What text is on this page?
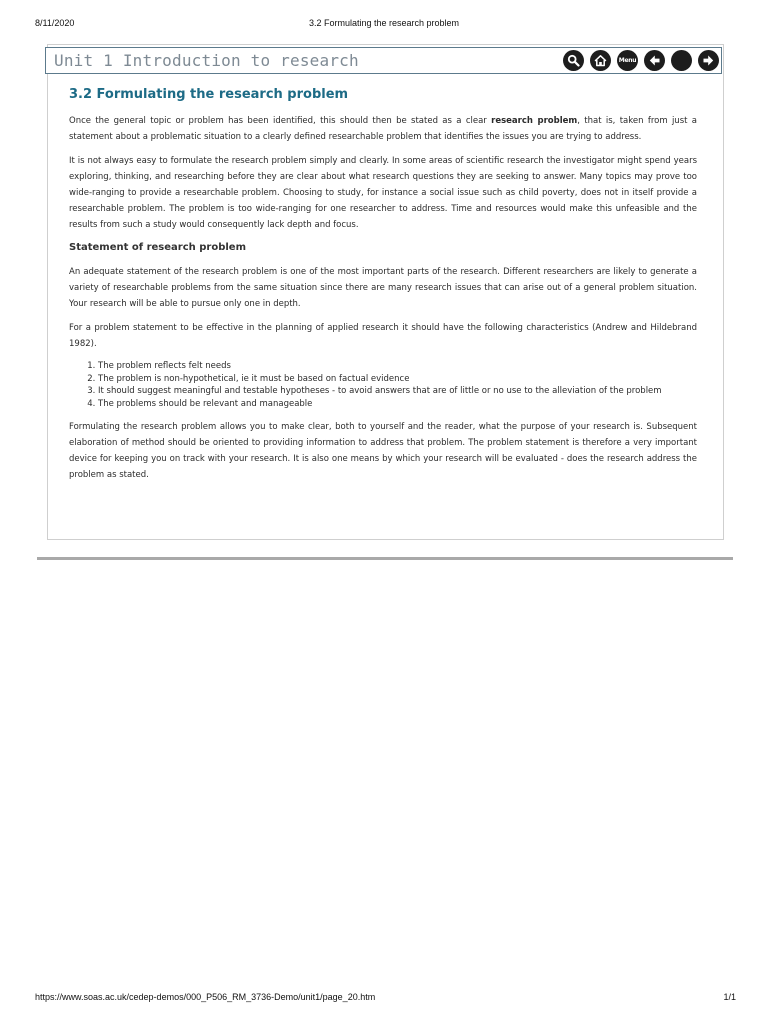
8/11/2020	3.2 Formulating the research problem
Unit 1 Introduction to research	Menu
3.2 Formulating the research problem

Once the general topic or problem has been identified, this should then be stated as a clear research problem, that is, taken from just a statement about a problematic situation to a clearly defined researchable problem that identifies the issues you are trying to address.

It is not always easy to formulate the research problem simply and clearly. In some areas of scientific research the investigator might spend years exploring, thinking, and researching before they are clear about what research questions they are seeking to answer. Many topics may prove too wide-ranging to provide a researchable problem. Choosing to study, for instance a social issue such as child poverty, does not in itself provide a researchable problem. The problem is too wide-ranging for one researcher to address. Time and resources would make this unfeasible and the results from such a study would consequently lack depth and focus.

Statement of research problem

An adequate statement of the research problem is one of the most important parts of the research. Different researchers are likely to generate a variety of researchable problems from the same situation since there are many research issues that can arise out of a general problem situation. Your research will be able to pursue only one in depth.

For a problem statement to be effective in the planning of applied research it should have the following characteristics (Andrew and Hildebrand 1982).

1. The problem reflects felt needs
2. The problem is non-hypothetical, ie it must be based on factual evidence
3. It should suggest meaningful and testable hypotheses - to avoid answers that are of little or no use to the alleviation of the problem
4. The problems should be relevant and manageable

Formulating the research problem allows you to make clear, both to yourself and the reader, what the purpose of your research is. Subsequent elaboration of method should be oriented to providing information to address that problem. The problem statement is therefore a very important device for keeping you on track with your research. It is also one means by which your research will be evaluated - does the research address the problem as stated.

https://www.soas.ac.uk/cedep-demos/000_P506_RM_3736-Demo/unit1/page_20.htm	1/1
